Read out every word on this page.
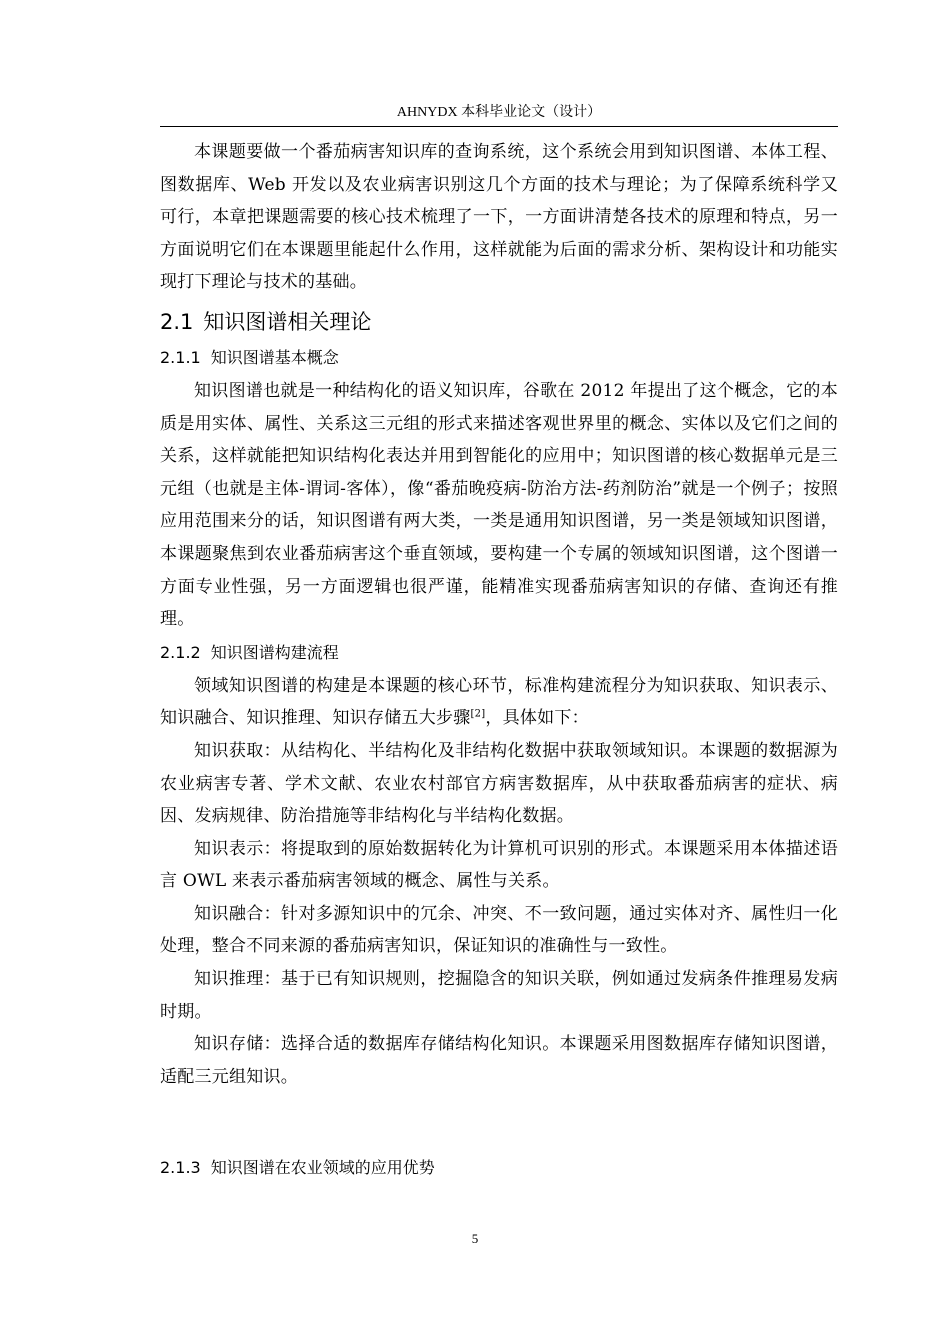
AHNYDX 本科毕业论文（设计）

本课题要做一个番茄病害知识库的查询系统，这个系统会用到知识图谱、本体工程、图数据库、Web 开发以及农业病害识别这几个方面的技术与理论；为了保障系统科学又可行，本章把课题需要的核心技术梳理了一下，一方面讲清楚各技术的原理和特点，另一方面说明它们在本课题里能起什么作用，这样就能为后面的需求分析、架构设计和功能实现打下理论与技术的基础。

2.1 知识图谱相关理论
2.1.1 知识图谱基本概念

知识图谱也就是一种结构化的语义知识库，谷歌在 2012 年提出了这个概念，它的本质是用实体、属性、关系这三元组的形式来描述客观世界里的概念、实体以及它们之间的关系，这样就能把知识结构化表达并用到智能化的应用中；知识图谱的核心数据单元是三元组（也就是主体-谓词-客体），像“番茄晚疫病-防治方法-药剂防治”就是一个例子；按照应用范围来分的话，知识图谱有两大类，一类是通用知识图谱，另一类是领域知识图谱，本课题聚焦到农业番茄病害这个垂直领域，要构建一个专属的领域知识图谱，这个图谱一方面专业性强，另一方面逻辑也很严谨，能精准实现番茄病害知识的存储、查询还有推理。

2.1.2 知识图谱构建流程

领域知识图谱的构建是本课题的核心环节，标准构建流程分为知识获取、知识表示、知识融合、知识推理、知识存储五大步骤[2]，具体如下：

知识获取：从结构化、半结构化及非结构化数据中获取领域知识。本课题的数据源为农业病害专著、学术文献、农业农村部官方病害数据库，从中获取番茄病害的症状、病因、发病规律、防治措施等非结构化与半结构化数据。

知识表示：将提取到的原始数据转化为计算机可识别的形式。本课题采用本体描述语言 OWL 来表示番茄病害领域的概念、属性与关系。

知识融合：针对多源知识中的冗余、冲突、不一致问题，通过实体对齐、属性归一化处理，整合不同来源的番茄病害知识，保证知识的准确性与一致性。

知识推理：基于已有知识规则，挖掘隐含的知识关联，例如通过发病条件推理易发病时期。

知识存储：选择合适的数据库存储结构化知识。本课题采用图数据库存储知识图谱，适配三元组知识。

2.1.3 知识图谱在农业领域的应用优势
5
